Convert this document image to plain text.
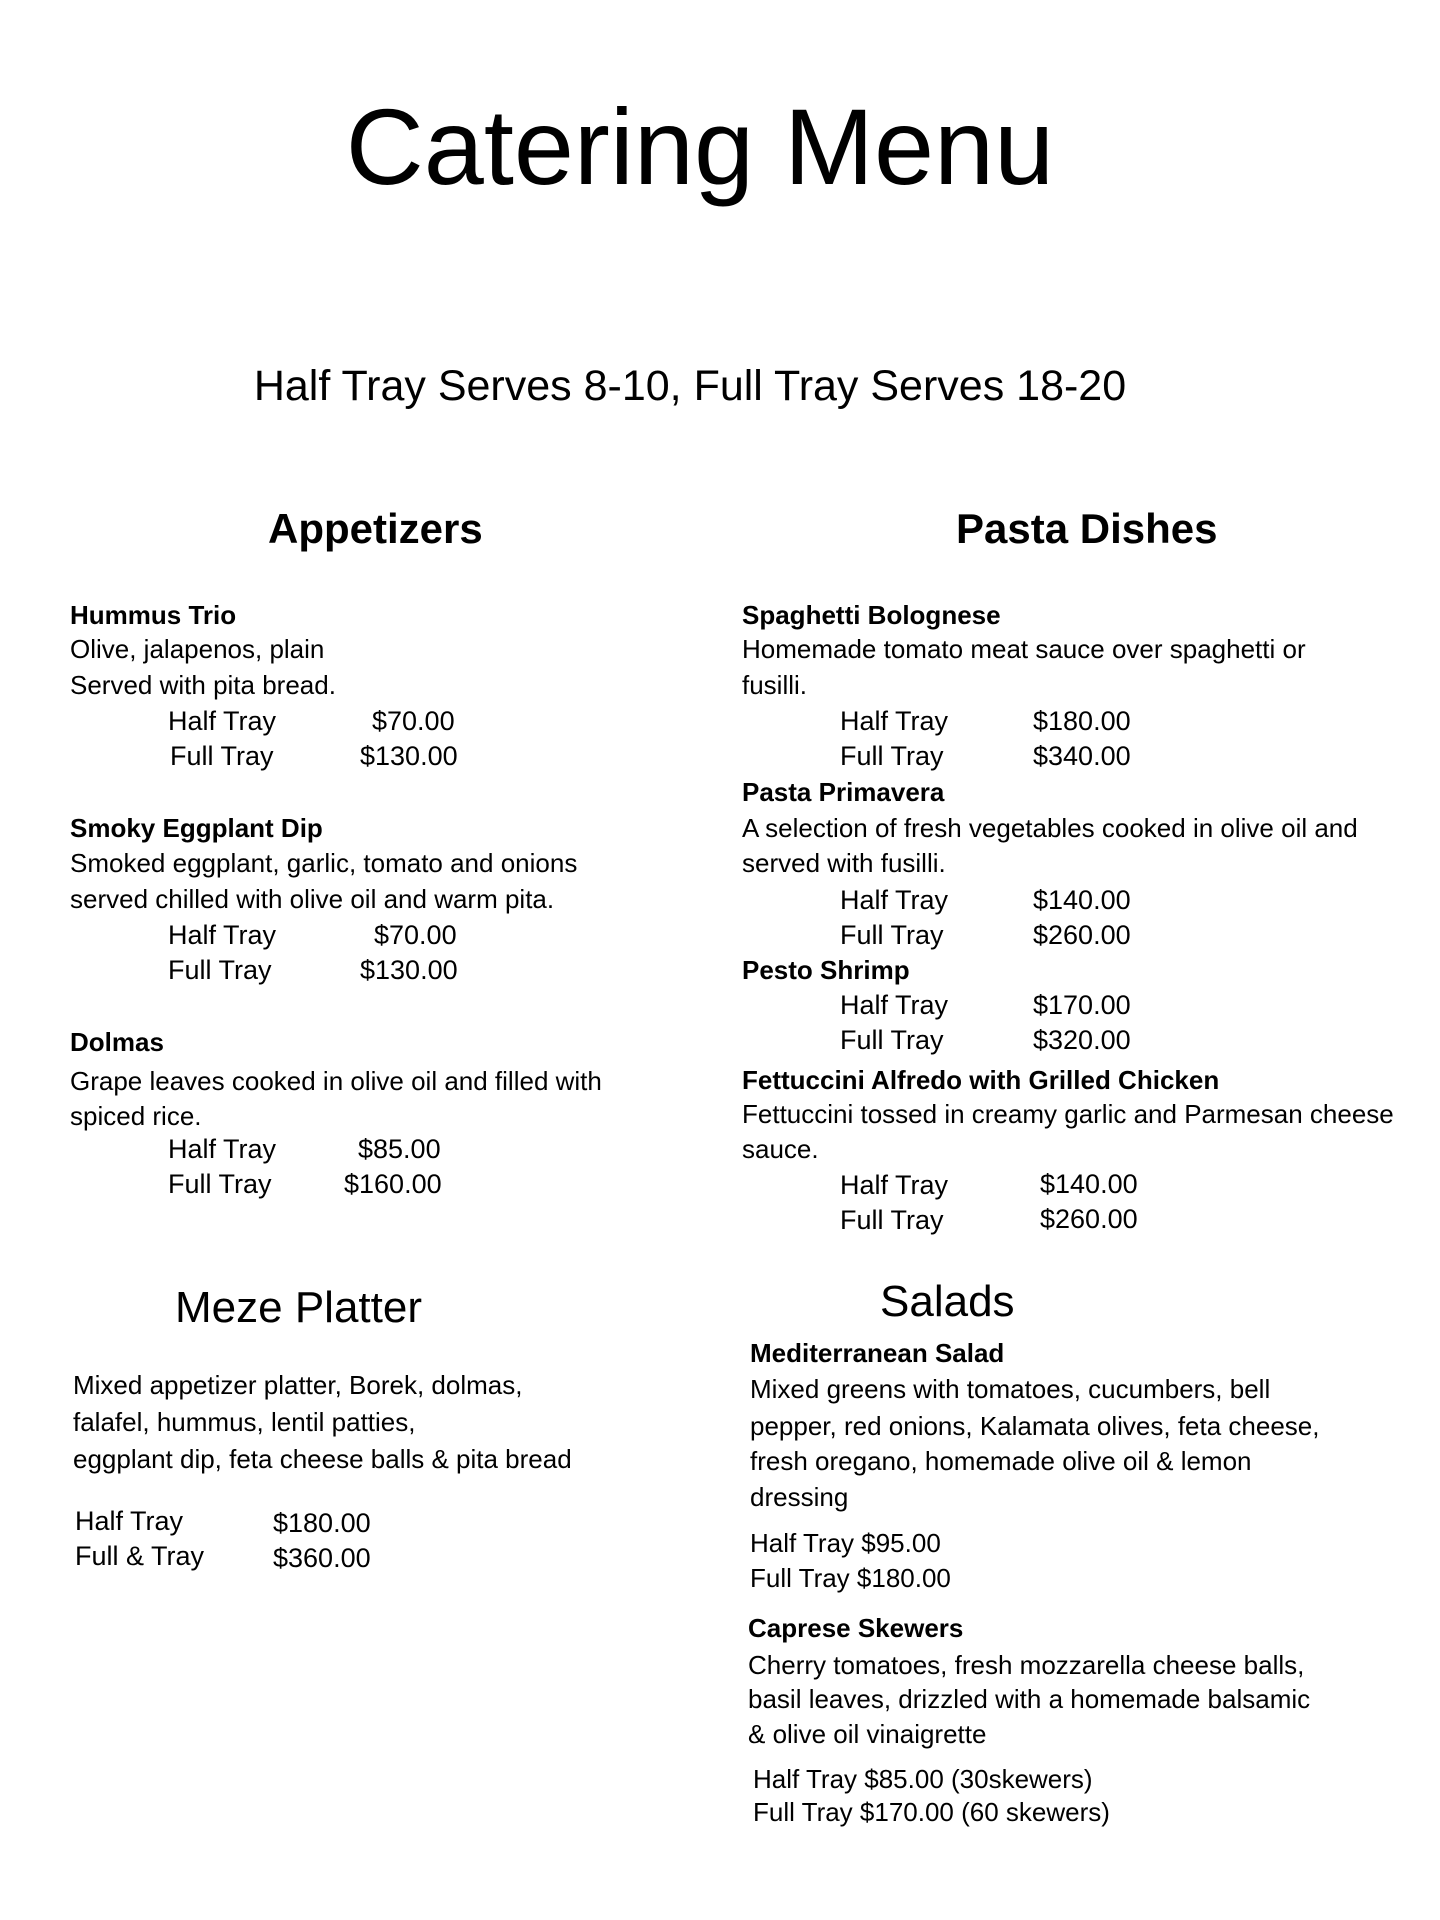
Catering Menu
Half Tray Serves 8-10, Full Tray Serves 18-20
Appetizers
Hummus Trio
Olive, jalapenos, plain
Served with pita bread.
Half Tray	$70.00
Full Tray	$130.00
Smoky Eggplant Dip
Smoked eggplant, garlic, tomato and onions
served chilled with olive oil and warm pita.
Half Tray	$70.00
Full Tray	$130.00
Dolmas
Grape leaves cooked in olive oil and filled with
spiced rice.
Half Tray	$85.00
Full Tray	$160.00
Meze Platter
Mixed appetizer platter, Borek, dolmas,
falafel, hummus, lentil patties,
eggplant dip, feta cheese balls & pita bread
Half Tray	$180.00
Full & Tray	$360.00
Pasta Dishes
Spaghetti Bolognese
Homemade tomato meat sauce over spaghetti or
fusilli.
Half Tray	$180.00
Full Tray	$340.00
Pasta Primavera
A selection of fresh vegetables cooked in olive oil and
served with fusilli.
Half Tray	$140.00
Full Tray	$260.00
Pesto Shrimp
Half Tray	$170.00
Full Tray	$320.00
Fettuccini Alfredo with Grilled Chicken
Fettuccini tossed in creamy garlic and Parmesan cheese
sauce.
Half Tray	$140.00
Full Tray	$260.00
Salads
Mediterranean Salad
Mixed greens with tomatoes, cucumbers, bell
pepper, red onions, Kalamata olives, feta cheese,
fresh oregano, homemade olive oil & lemon
dressing
Half Tray $95.00
Full Tray $180.00
Caprese Skewers
Cherry tomatoes, fresh mozzarella cheese balls,
basil leaves, drizzled with a homemade balsamic
& olive oil vinaigrette
Half Tray $85.00 (30skewers)
Full Tray $170.00 (60 skewers)
